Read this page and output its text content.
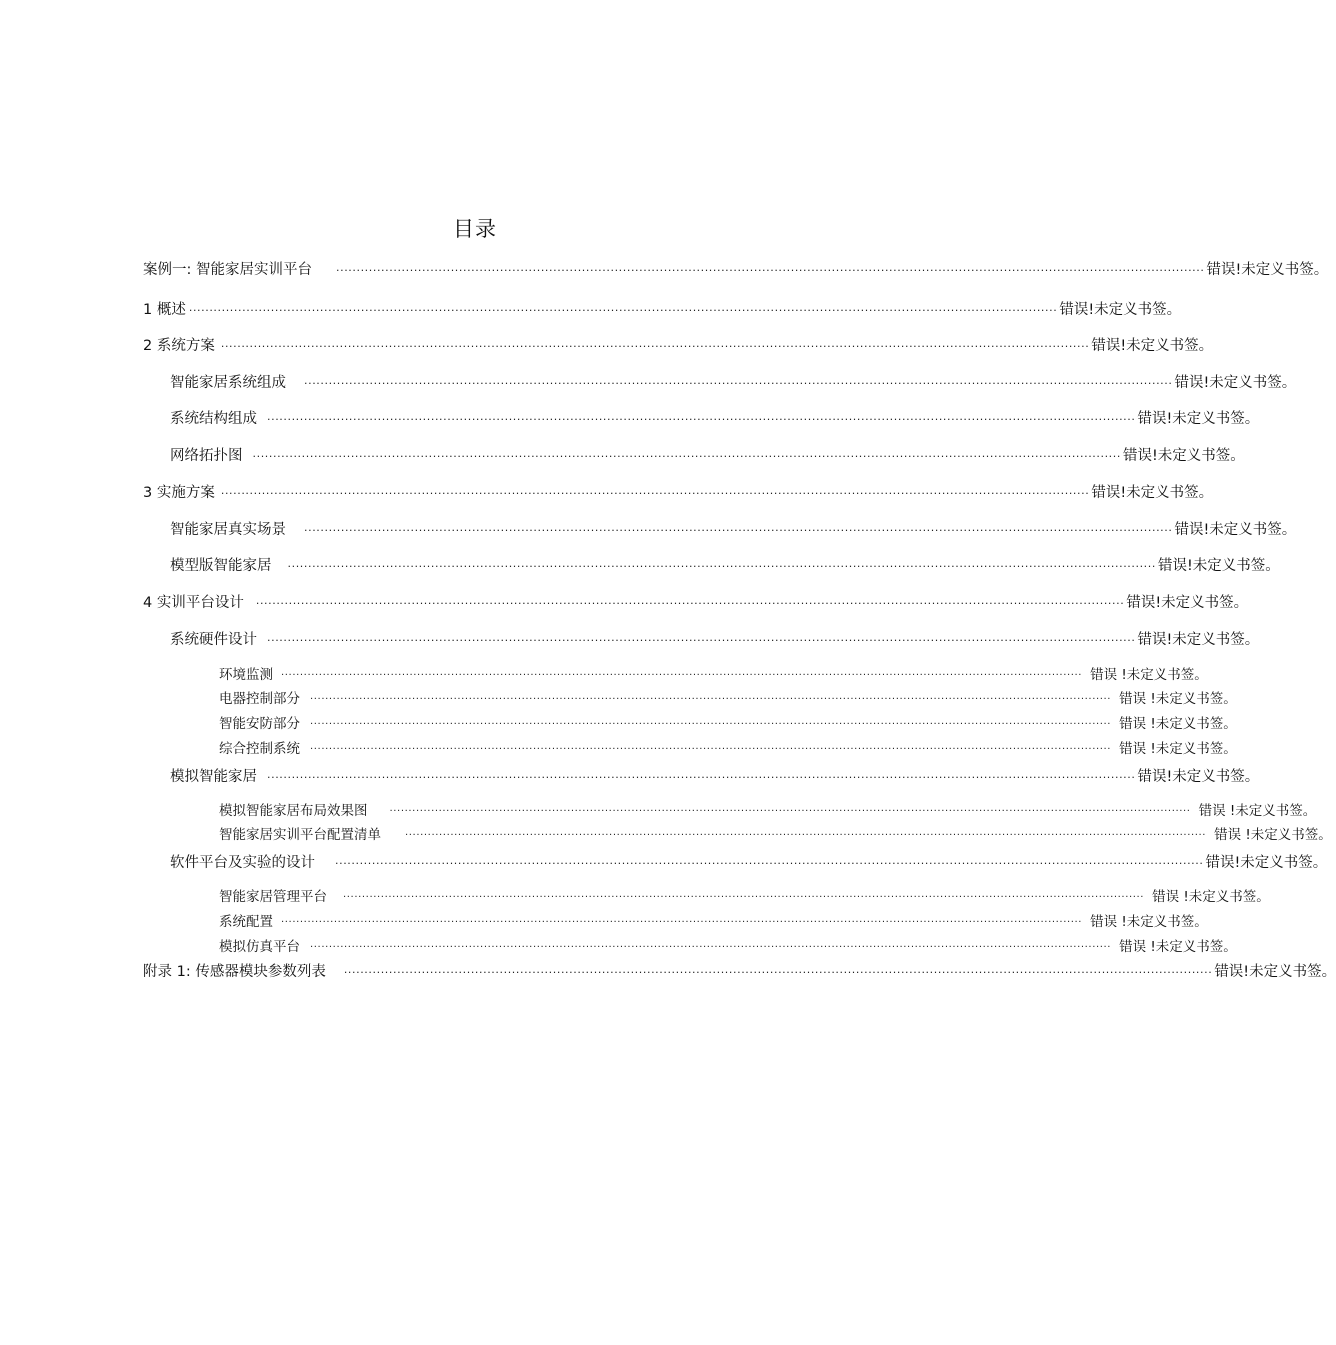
目录
案例一: 智能家居实训平台 .................................................................................................................................................................................................................... 错误!未定义书签。
1 概述 .................................................................................................................................................................................................................... 错误!未定义书签。
2 系统方案 .................................................................................................................................................................................................................... 错误!未定义书签。
智能家居系统组成 .................................................................................................................................................................................................................... 错误!未定义书签。
系统结构组成 .................................................................................................................................................................................................................... 错误!未定义书签。
网络拓扑图 .................................................................................................................................................................................................................... 错误!未定义书签。
3 实施方案 .................................................................................................................................................................................................................... 错误!未定义书签。
智能家居真实场景 .................................................................................................................................................................................................................... 错误!未定义书签。
模型版智能家居 .................................................................................................................................................................................................................... 错误!未定义书签。
4 实训平台设计 .................................................................................................................................................................................................................... 错误!未定义书签。
系统硬件设计 .................................................................................................................................................................................................................... 错误!未定义书签。
环境监测 .................................................................................................................................................................................................................... 错误 !未定义书签。
电器控制部分 .................................................................................................................................................................................................................... 错误 !未定义书签。
智能安防部分 .................................................................................................................................................................................................................... 错误 !未定义书签。
综合控制系统 .................................................................................................................................................................................................................... 错误 !未定义书签。
模拟智能家居 .................................................................................................................................................................................................................... 错误!未定义书签。
模拟智能家居布局效果图 .................................................................................................................................................................................................................... 错误 !未定义书签。
智能家居实训平台配置清单 .................................................................................................................................................................................................................... 错误 !未定义书签。
软件平台及实验的设计 .................................................................................................................................................................................................................... 错误!未定义书签。
智能家居管理平台 .................................................................................................................................................................................................................... 错误 !未定义书签。
系统配置 .................................................................................................................................................................................................................... 错误 !未定义书签。
模拟仿真平台 .................................................................................................................................................................................................................... 错误 !未定义书签。
附录 1: 传感器模块参数列表 .................................................................................................................................................................................................................... 错误!未定义书签。
